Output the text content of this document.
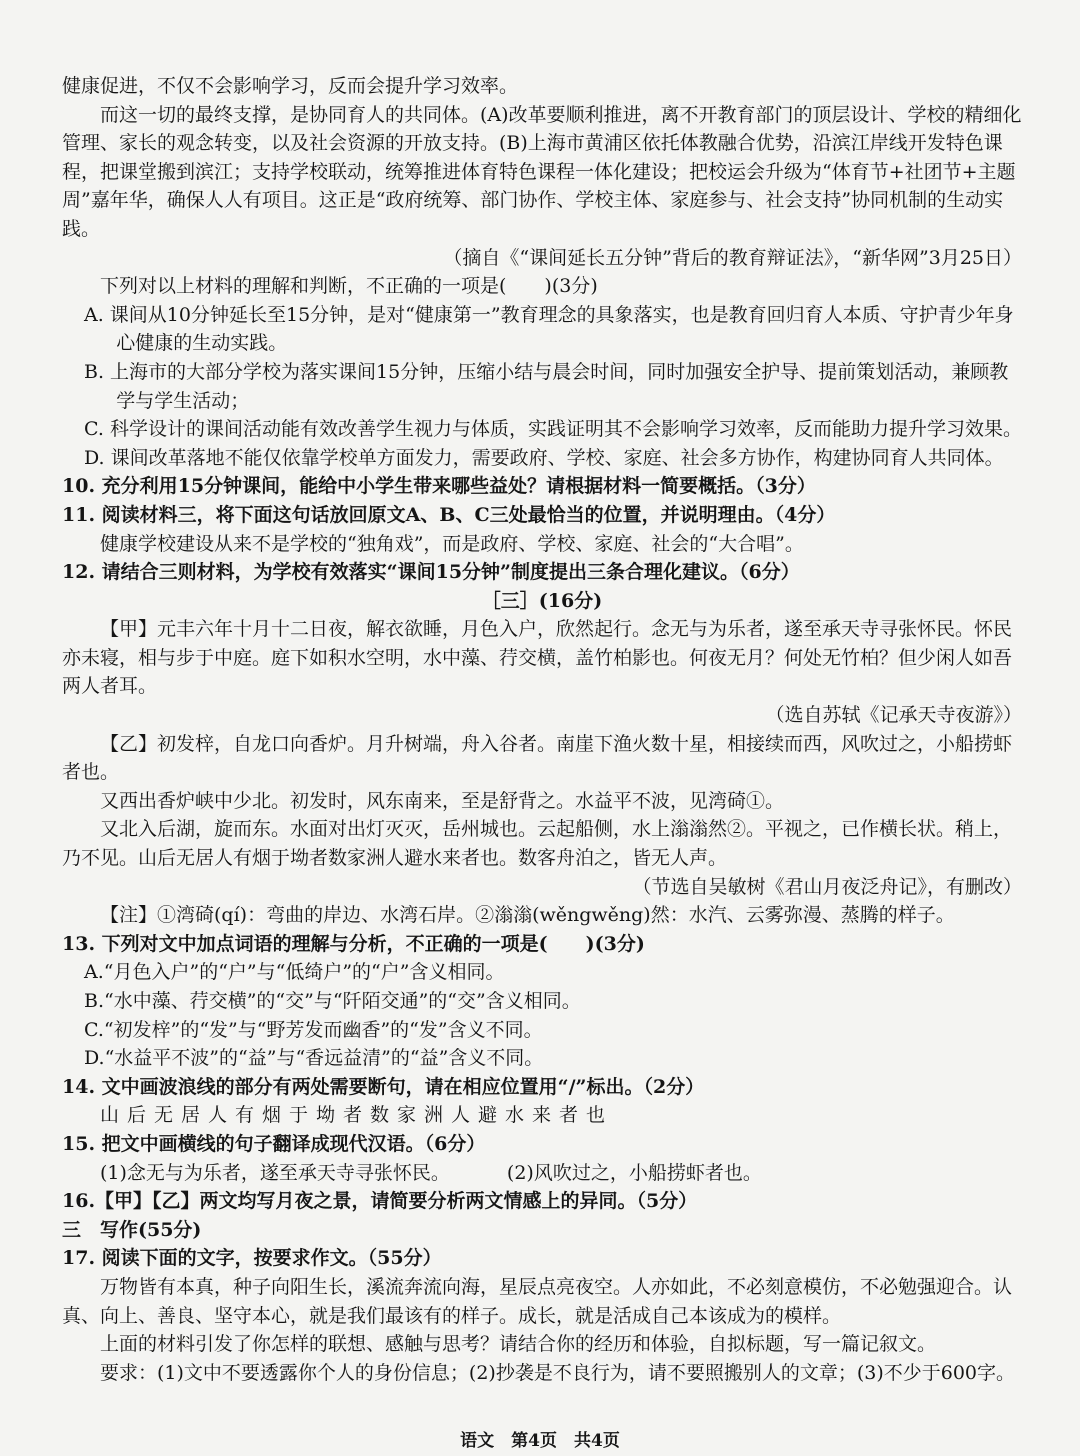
健康促进，不仅不会影响学习，反而会提升学习效率。

而这一切的最终支撑，是协同育人的共同体。(A)改革要顺利推进，离不开教育部门的顶层设计、学校的精细化管理、家长的观念转变，以及社会资源的开放支持。(B)上海市黄浦区依托体教融合优势，沿滨江岸线开发特色课程，把课堂搬到滨江；支持学校联动，统筹推进体育特色课程一体化建设；把校运会升级为“体育节+社团节+主题周”嘉年华，确保人人有项目。这正是“政府统筹、部门协作、学校主体、家庭参与、社会支持”协同机制的生动实践。

（摘自《“课间延长五分钟”背后的教育辩证法》，“新华网”3月25日）

下列对以上材料的理解和判断，不正确的一项是(　　)(3分)

A. 课间从10分钟延长至15分钟，是对“健康第一”教育理念的具象落实，也是教育回归育人本质、守护青少年身心健康的生动实践。

B. 上海市的大部分学校为落实课间15分钟，压缩小结与晨会时间，同时加强安全护导、提前策划活动，兼顾教学与学生活动；

C. 科学设计的课间活动能有效改善学生视力与体质，实践证明其不会影响学习效率，反而能助力提升学习效果。

D. 课间改革落地不能仅依靠学校单方面发力，需要政府、学校、家庭、社会多方协作，构建协同育人共同体。

10. 充分利用15分钟课间，能给中小学生带来哪些益处？请根据材料一简要概括。（3分）

11. 阅读材料三，将下面这句话放回原文A、B、C三处最恰当的位置，并说明理由。（4分）

健康学校建设从来不是学校的“独角戏”，而是政府、学校、家庭、社会的“大合唱”。

12. 请结合三则材料，为学校有效落实“课间15分钟”制度提出三条合理化建议。（6分）

［三］(16分)

【甲】元丰六年十月十二日夜，解衣欲睡，月色入户，欣然起行。念无与为乐者，遂至承天寺寻张怀民。怀民亦未寝，相与步于中庭。庭下如积水空明，水中藻、荇交横，盖竹柏影也。何夜无月？何处无竹柏？但少闲人如吾两人者耳。

（选自苏轼《记承天寺夜游》）

【乙】初发梓，自龙口向香炉。月升树端，舟入谷者。南崖下渔火数十星，相接续而西，风吹过之，小船捞虾者也。

又西出香炉峡中少北。初发时，风东南来，至是舒背之。水益平不波，见湾碕①。

又北入后湖，旋而东。水面对出灯灭灭，岳州城也。云起船侧，水上滃滃然②。平视之，已作横长状。稍上，乃不见。山后无居人有烟于坳者数家洲人避水来者也。数客舟泊之，皆无人声。

（节选自吴敏树《君山月夜泛舟记》，有删改）

【注】①湾碕(qí)：弯曲的岸边、水湾石岸。②滃滃(wěngwěng)然：水汽、云雾弥漫、蒸腾的样子。

13. 下列对文中加点词语的理解与分析，不正确的一项是(　　)(3分)

A.“月色入户”的“户”与“低绮户”的“户”含义相同。

B.“水中藻、荇交横”的“交”与“阡陌交通”的“交”含义相同。

C.“初发梓”的“发”与“野芳发而幽香”的“发”含义不同。

D.“水益平不波”的“益”与“香远益清”的“益”含义不同。

14. 文中画波浪线的部分有两处需要断句，请在相应位置用“/”标出。（2分）

山后无居人有烟于坳者数家洲人避水来者也

15. 把文中画横线的句子翻译成现代汉语。（6分）

(1)念无与为乐者，遂至承天寺寻张怀民。	(2)风吹过之，小船捞虾者也。

16.【甲】【乙】两文均写月夜之景，请简要分析两文情感上的异同。（5分）

三　写作(55分)

17. 阅读下面的文字，按要求作文。（55分）

万物皆有本真，种子向阳生长，溪流奔流向海，星辰点亮夜空。人亦如此，不必刻意模仿，不必勉强迎合。认真、向上、善良、坚守本心，就是我们最该有的样子。成长，就是活成自己本该成为的模样。

上面的材料引发了你怎样的联想、感触与思考？请结合你的经历和体验，自拟标题，写一篇记叙文。

要求：(1)文中不要透露你个人的身份信息；(2)抄袭是不良行为，请不要照搬别人的文章；(3)不少于600字。

语文　第4页　共4页
